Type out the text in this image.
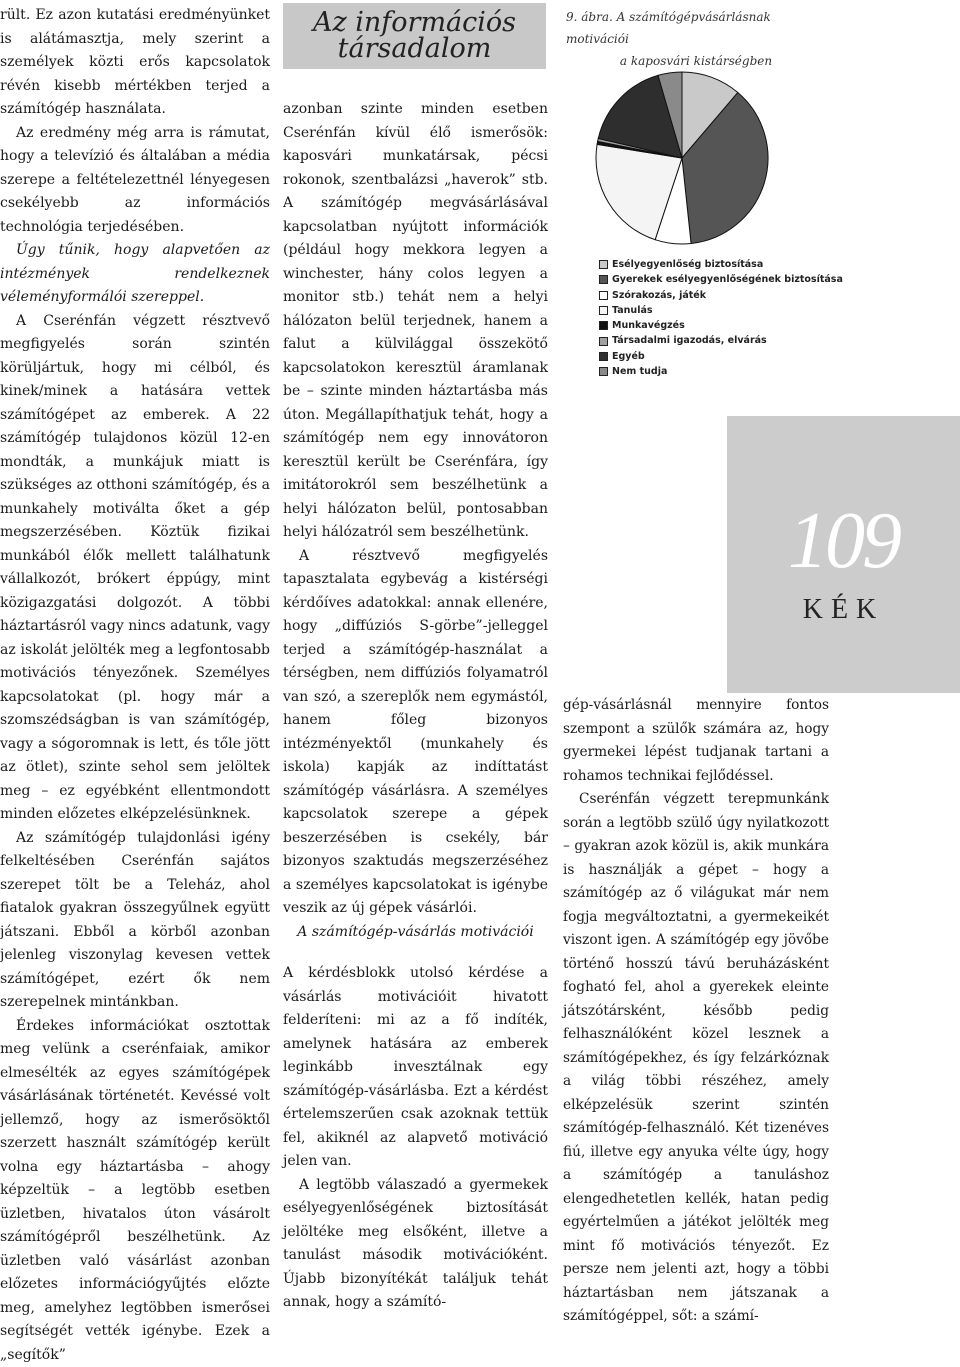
rült. Ez azon kutatási eredményünket is alátámasztja, mely szerint a személyek közti erős kapcsolatok révén kisebb mértékben terjed a számítógép használata.

Az eredmény még arra is rámutat, hogy a televízió és általában a média szerepe a feltételezettnél lényegesen csekélyebb az információs technológia terjedésében.

Úgy tűnik, hogy alapvetően az intézmények rendelkeznek véleményformálói szereppel.

A Cserénfán végzett résztvevő megfigyelés során szintén körüljártuk, hogy mi célból, és kinek/minek a hatására vettek számítógépet az emberek. A 22 számítógép tulajdonos közül 12-en mondták, a munkájuk miatt is szükséges az otthoni számítógép, és a munkahely motiválta őket a gép megszerzésében. Köztük fizikai munkából élők mellett találhatunk vállalkozót, brókert éppúgy, mint közigazgatási dolgozót. A többi háztartásról vagy nincs adatunk, vagy az iskolát jelölték meg a legfontosabb motivációs tényezőnek. Személyes kapcsolatokat (pl. hogy már a szomszédságban is van számítógép, vagy a sógoromnak is lett, és tőle jött az ötlet), szinte sehol sem jelöltek meg – ez egyébként ellentmondott minden előzetes elképzelésünknek.

Az számítógép tulajdonlási igény felkeltésében Cserénfán sajátos szerepet tölt be a Teleház, ahol fiatalok gyakran összegyűlnek együtt játszani. Ebből a körből azonban jelenleg viszonylag kevesen vettek számítógépet, ezért ők nem szerepelnek mintánkban.

Érdekes információkat osztottak meg velünk a cserénfaiak, amikor elmesélték az egyes számítógépek vásárlásának történetét. Kevéssé volt jellemző, hogy az ismerősöktől szerzett használt számítógép került volna egy háztartásba – ahogy képzeltük – a legtöbb esetben üzletben, hivatalos úton vásárolt számítógépről beszélhetünk. Az üzletben való vásárlást azonban előzetes információgyűjtés előzte meg, amelyhez legtöbben ismerősei segítségét vették igénybe. Ezek a „segítők”

Az információs
társadalom

azonban szinte minden esetben Cserénfán kívül élő ismerősök: kaposvári munkatársak, pécsi rokonok, szentbalázsi „haverok” stb. A számítógép megvásárlásával kapcsolatban nyújtott információk (például hogy mekkora legyen a winchester, hány colos legyen a monitor stb.) tehát nem a helyi hálózaton belül terjednek, hanem a falut a külvilággal összekötő kapcsolatokon keresztül áramlanak be – szinte minden háztartásba más úton. Megállapíthatjuk tehát, hogy a számítógép nem egy innovátoron keresztül került be Cserénfára, így imitátorokról sem beszélhetünk a helyi hálózaton belül, pontosabban helyi hálózatról sem beszélhetünk.

A résztvevő megfigyelés tapasztalata egybevág a kistérségi kérdőíves adatokkal: annak ellenére, hogy „diffúziós S-görbe”-jelleggel terjed a számítógép-használat a térségben, nem diffúziós folyamatról van szó, a szereplők nem egymástól, hanem főleg bizonyos intézményektől (munkahely és iskola) kapják az indíttatást számítógép vásárlásra. A személyes kapcsolatok szerepe a gépek beszerzésében is csekély, bár bizonyos szaktudás megszerzéséhez a személyes kapcsolatokat is igénybe veszik az új gépek vásárlói.

A számítógép-vásárlás motivációi

A kérdésblokk utolsó kérdése a vásárlás motivációit hivatott felderíteni: mi az a fő indíték, amelynek hatására az emberek leginkább invesztálnak egy számítógép-vásárlásba. Ezt a kérdést értelemszerűen csak azoknak tettük fel, akiknél az alapvető motiváció jelen van.

A legtöbb válaszadó a gyermekek esélyegyenlőségének biztosítását jelöltéke meg elsőként, illetve a tanulást második motivációként. Újabb bizonyítékát találjuk tehát annak, hogy a számító-

9. ábra. A számítógépvásárlásnak motivációi
a kaposvári kistárségben
Esélyegyenlőség biztosítása
Gyerekek esélyegyenlőségének biztosítása
Szórakozás, játék
Tanulás
Munkavégzés
Társadalmi igazodás, elvárás
Egyéb
Nem tudja

gép-vásárlásnál mennyire fontos szempont a szülők számára az, hogy gyermekei lépést tudjanak tartani a rohamos technikai fejlődéssel.

Cserénfán végzett terepmunkánk során a legtöbb szülő úgy nyilatkozott – gyakran azok közül is, akik munkára is használják a gépet – hogy a számítógép az ő világukat már nem fogja megváltoztatni, a gyermekeikét viszont igen. A számítógép egy jövőbe történő hosszú távú beruházásként fogható fel, ahol a gyerekek eleinte játszótársként, később pedig felhasználóként közel lesznek a számítógépekhez, és így felzárkóznak a világ többi részéhez, amely elképzelésük szerint szintén számítógép-felhasználó. Két tizenéves fiú, illetve egy anyuka vélte úgy, hogy a számítógép a tanuláshoz elengedhetetlen kellék, hatan pedig egyértelműen a játékot jelölték meg mint fő motivációs tényezőt. Ez persze nem jelenti azt, hogy a többi háztartásban nem játszanak a számítógéppel, sőt: a számí-

109
KÉK
